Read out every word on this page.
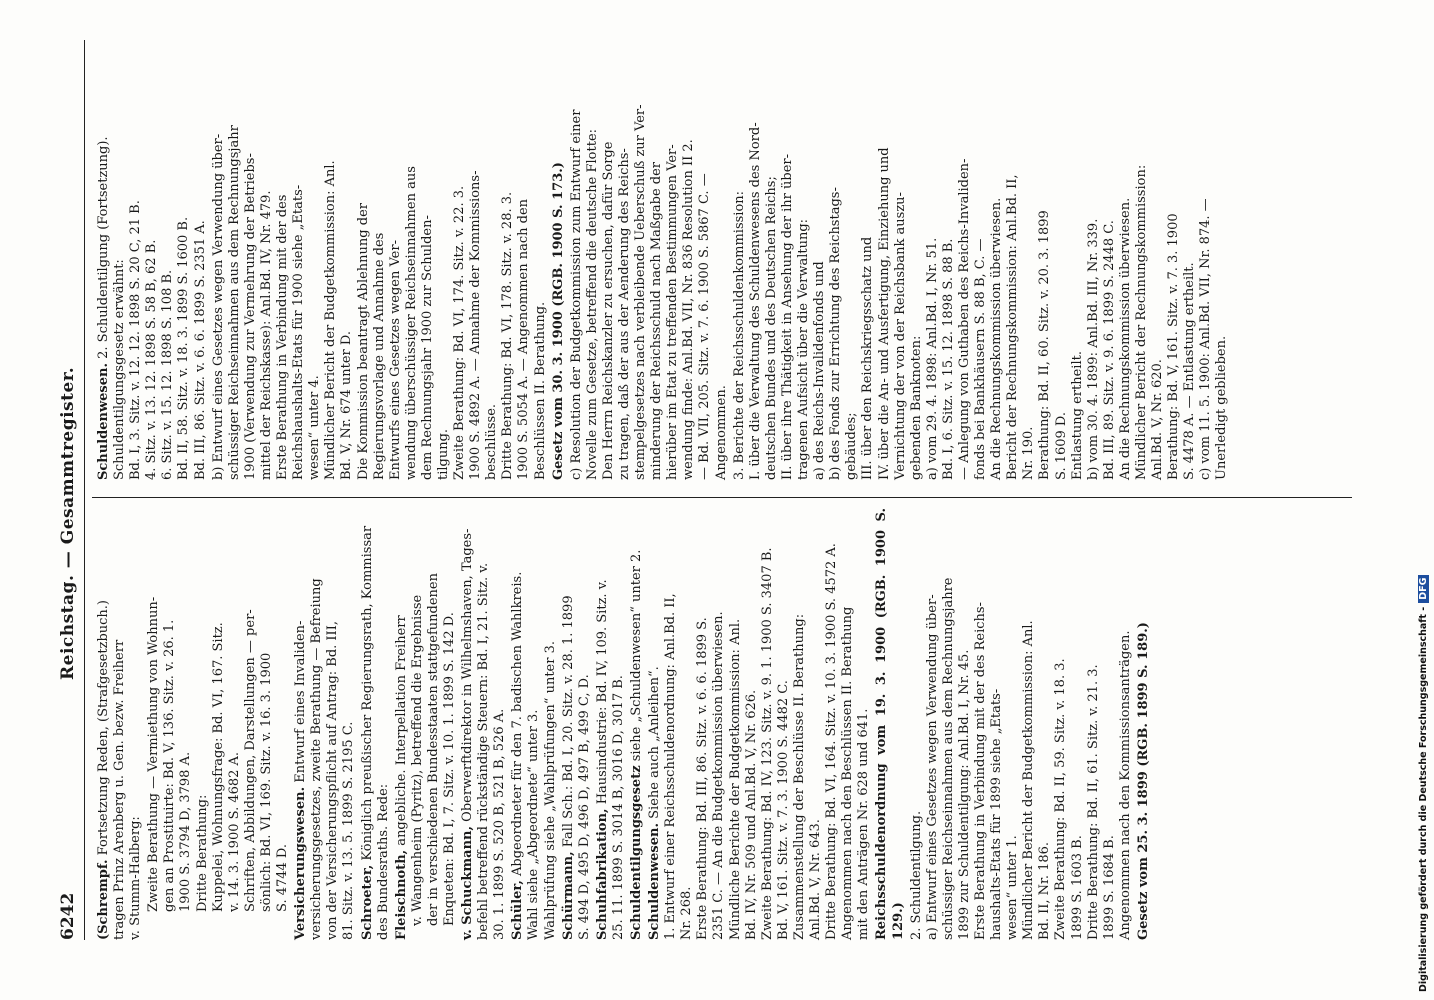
6242
Reichstag. — Gesammtregister.
(Schrempf. Fortsetzung Reden, (Strafgesetzbuch.) tragen Prinz Arenberg u. Gen. bezw. Freiherr v. Stumm-Halberg: Zweite Berathung — Vermiethung von Wohnun- gen an Prostituirte: Bd. V, 136. Sitz. v. 26. 1. 1900 S. 3794 D, 3798 A. Dritte Berathung: Kuppelei, Wohnungsfrage: Bd. VI, 167. Sitz. v. 14. 3. 1900 S. 4682 A. Schriften, Abbildungen, Darstellungen — per- sönlich: Bd. VI, 169. Sitz. v. 16. 3. 1900 S. 4744 D. Versicherungswesen. Entwurf eines Invaliden- versicherungsgesetzes, zweite Berathung — Befreiung von der Versicherungspflicht auf Antrag: Bd. III, 81. Sitz. v. 13. 5. 1899 S. 2195 C. Schroeter, Königlich preußischer Regierungsrath, Kommissar
des Bundesraths. Rede: Fleischnoth, angebliche. Interpellation Freiherr v. Wangenheim (Pyritz), betreffend die Ergebnisse der in verschiedenen Bundesstaaten stattgefundenen Enqueten: Bd. I, 7. Sitz. v. 10. 1. 1899 S. 142 D. v. Schuckmann, Oberwerftdirektor in Wilhelmshaven, Tages- befehl betreffend rückständige Steuern: Bd. I, 21. Sitz. v. 30. 1. 1899 S. 520 B, 521 B, 526 A. Schüler, Abgeordneter für den 7. badischen Wahlkreis. Wahl siehe „Abgeordnete“ unter 3. Wahlprüfung siehe „Wahlprüfungen“ unter 3. Schürmann, Fall Sch.: Bd. I, 20. Sitz. v. 28. 1. 1899 S. 494 D, 495 D, 496 D, 497 B, 499 C, D. Schuhfabrikation, Hausindustrie: Bd. IV, 109. Sitz. v. 25. 11. 1899 S. 3014 B, 3016 D, 3017 B. Schuldentilgungsgesetz siehe „Schuldenwesen“ unter 2.
Schuldenwesen. Siehe auch „Anleihen“. 1. Entwurf einer Reichsschuldenordnung: Anl.Bd. II, Nr. 268. Erste Berathung: Bd. III, 86. Sitz. v. 6. 6. 1899 S. 2351 C. — An die Budgetkommission überwiesen. Mündliche Berichte der Budgetkommission: Anl. Bd. IV, Nr. 509 und Anl.Bd. V, Nr. 626. Zweite Berathung: Bd. IV, 123. Sitz. v. 9. 1. 1900 S. 3407 B. Bd. V, 161. Sitz. v. 7. 3. 1900 S. 4482 C. Zusammenstellung der Beschlüsse II. Berathung: Anl.Bd. V, Nr. 643. Dritte Berathung: Bd. VI, 164. Sitz. v. 10. 3. 1900 S. 4572 A. Angenommen nach den Beschlüssen II. Berathung mit den Anträgen Nr. 628 und 641. Reichsschuldenordnung vom 19. 3. 1900 (RGB. 1900 S. 129.) 2. Schuldentilgung. a) Entwurf eines Gesetzes wegen Verwendung über- schüssiger Reichseinnahmen aus dem Rechnungsjahre 1899 zur Schuldentilgung: Anl.Bd. I, Nr. 45. Erste Berathung in Verbindung mit der des Reichs- haushalts-Etats für 1899 siehe „Etats- wesen“ unter 1. Mündlicher Bericht der Budgetkommission: Anl. Bd. II, Nr. 186. Zweite Berathung: Bd. II, 59. Sitz. v. 18. 3. 1899 S. 1603 B. Dritte Berathung: Bd. II, 61. Sitz. v. 21. 3. 1899 S. 1684 B. Angenommen nach den Kommissionsanträgen. Gesetz vom 25. 3. 1899 (RGB. 1899 S. 189.)
Schuldenwesen. 2. Schuldentilgung (Fortsetzung).
Schuldentilgungsgesetz erwähnt: Bd. I, 3. Sitz. v. 12. 12. 1898 S. 20 C, 21 B. 4. Sitz. v. 13. 12. 1898 S. 58 B, 62 B. 6. Sitz. v. 15. 12. 1898 S. 108 B. Bd. II, 58. Sitz. v. 18. 3. 1899 S. 1600 B. Bd. III, 86. Sitz. v. 6. 6. 1899 S. 2351 A. b) Entwurf eines Gesetzes wegen Verwendung über- schüssiger Reichseinnahmen aus dem Rechnungsjahr 1900 (Verwendung zur Vermehrung der Betriebs- mittel der Reichskasse): Anl.Bd. IV, Nr. 479. Erste Berathung in Verbindung mit der des Reichshaushalts-Etats für 1900 siehe „Etats- wesen“ unter 4. Mündlicher Bericht der Budgetkommission: Anl. Bd. V, Nr. 674 unter D. Die Kommission beantragt Ablehnung der Regierungsvorlage und Annahme des Entwurfs eines Gesetzes wegen Ver- wendung überschüssiger Reichseinnahmen aus dem Rechnungsjahr 1900 zur Schulden- tilgung. Zweite Berathung: Bd. VI, 174. Sitz. v. 22. 3. 1900 S. 4892 A. — Annahme der Kommissions- beschlüsse. Dritte Berathung: Bd. VI, 178. Sitz. v. 28. 3. 1900 S. 5054 A. — Angenommen nach den Beschlüssen II. Berathung. Gesetz vom 30. 3. 1900 (RGB. 1900 S. 173.) c) Resolution der Budgetkommission zum Entwurf einer Novelle zum Gesetze, betreffend die deutsche Flotte: Den Herrn Reichskanzler zu ersuchen, dafür Sorge zu tragen, daß der aus der Aenderung des Reichs- stempelgesetzes nach verbleibende Ueberschuß zur Ver- minderung der Reichsschuld nach Maßgabe der hierüber im Etat zu treffenden Bestimmungen Ver- wendung finde: Anl.Bd. VII, Nr. 836 Resolution II 2. — Bd. VII, 205. Sitz. v. 7. 6. 1900 S. 5867 C. — Angenommen. 3. Berichte der Reichsschuldenkommission: I. über die Verwaltung des Schuldenwesens des Nord- deutschen Bundes und des Deutschen Reichs; II. über ihre Thätigkeit in Ansehung der ihr über- tragenen Aufsicht über die Verwaltung: a) des Reichs-Invalidenfonds und b) des Fonds zur Errichtung des Reichstags- gebäudes; III. über den Reichskriegsschatz und IV. über die An- und Ausfertigung, Einziehung und Vernichtung der von der Reichsbank auszu- gebenden Banknoten: a) vom 29. 4. 1898: Anl.Bd. I, Nr. 51. Bd. I, 6. Sitz. v. 15. 12. 1898 S. 88 B. — Anlegung von Guthaben des Reichs-Invaliden- fonds bei Bankhäusern S. 88 B, C. — An die Rechnungskommission überwiesen. Bericht der Rechnungskommission: Anl.Bd. II, Nr. 190. Berathung: Bd. II, 60. Sitz. v. 20. 3. 1899 S. 1609 D. Entlastung ertheilt. b) vom 30. 4. 1899: Anl.Bd. III, Nr. 339. Bd. III, 89. Sitz. v. 9. 6. 1899 S. 2448 C. An die Rechnungskommission überwiesen. Mündlicher Bericht der Rechnungskommission: Anl.Bd. V, Nr. 620. Berathung: Bd. V, 161. Sitz. v. 7. 3. 1900 S. 4478 A. — Entlastung ertheilt. c) vom 11. 5. 1900: Anl.Bd. VII, Nr. 874. — Unerledigt geblieben.
Digitalisierung gefördert durch die Deutsche Forschungsgemeinschaft -DFG
